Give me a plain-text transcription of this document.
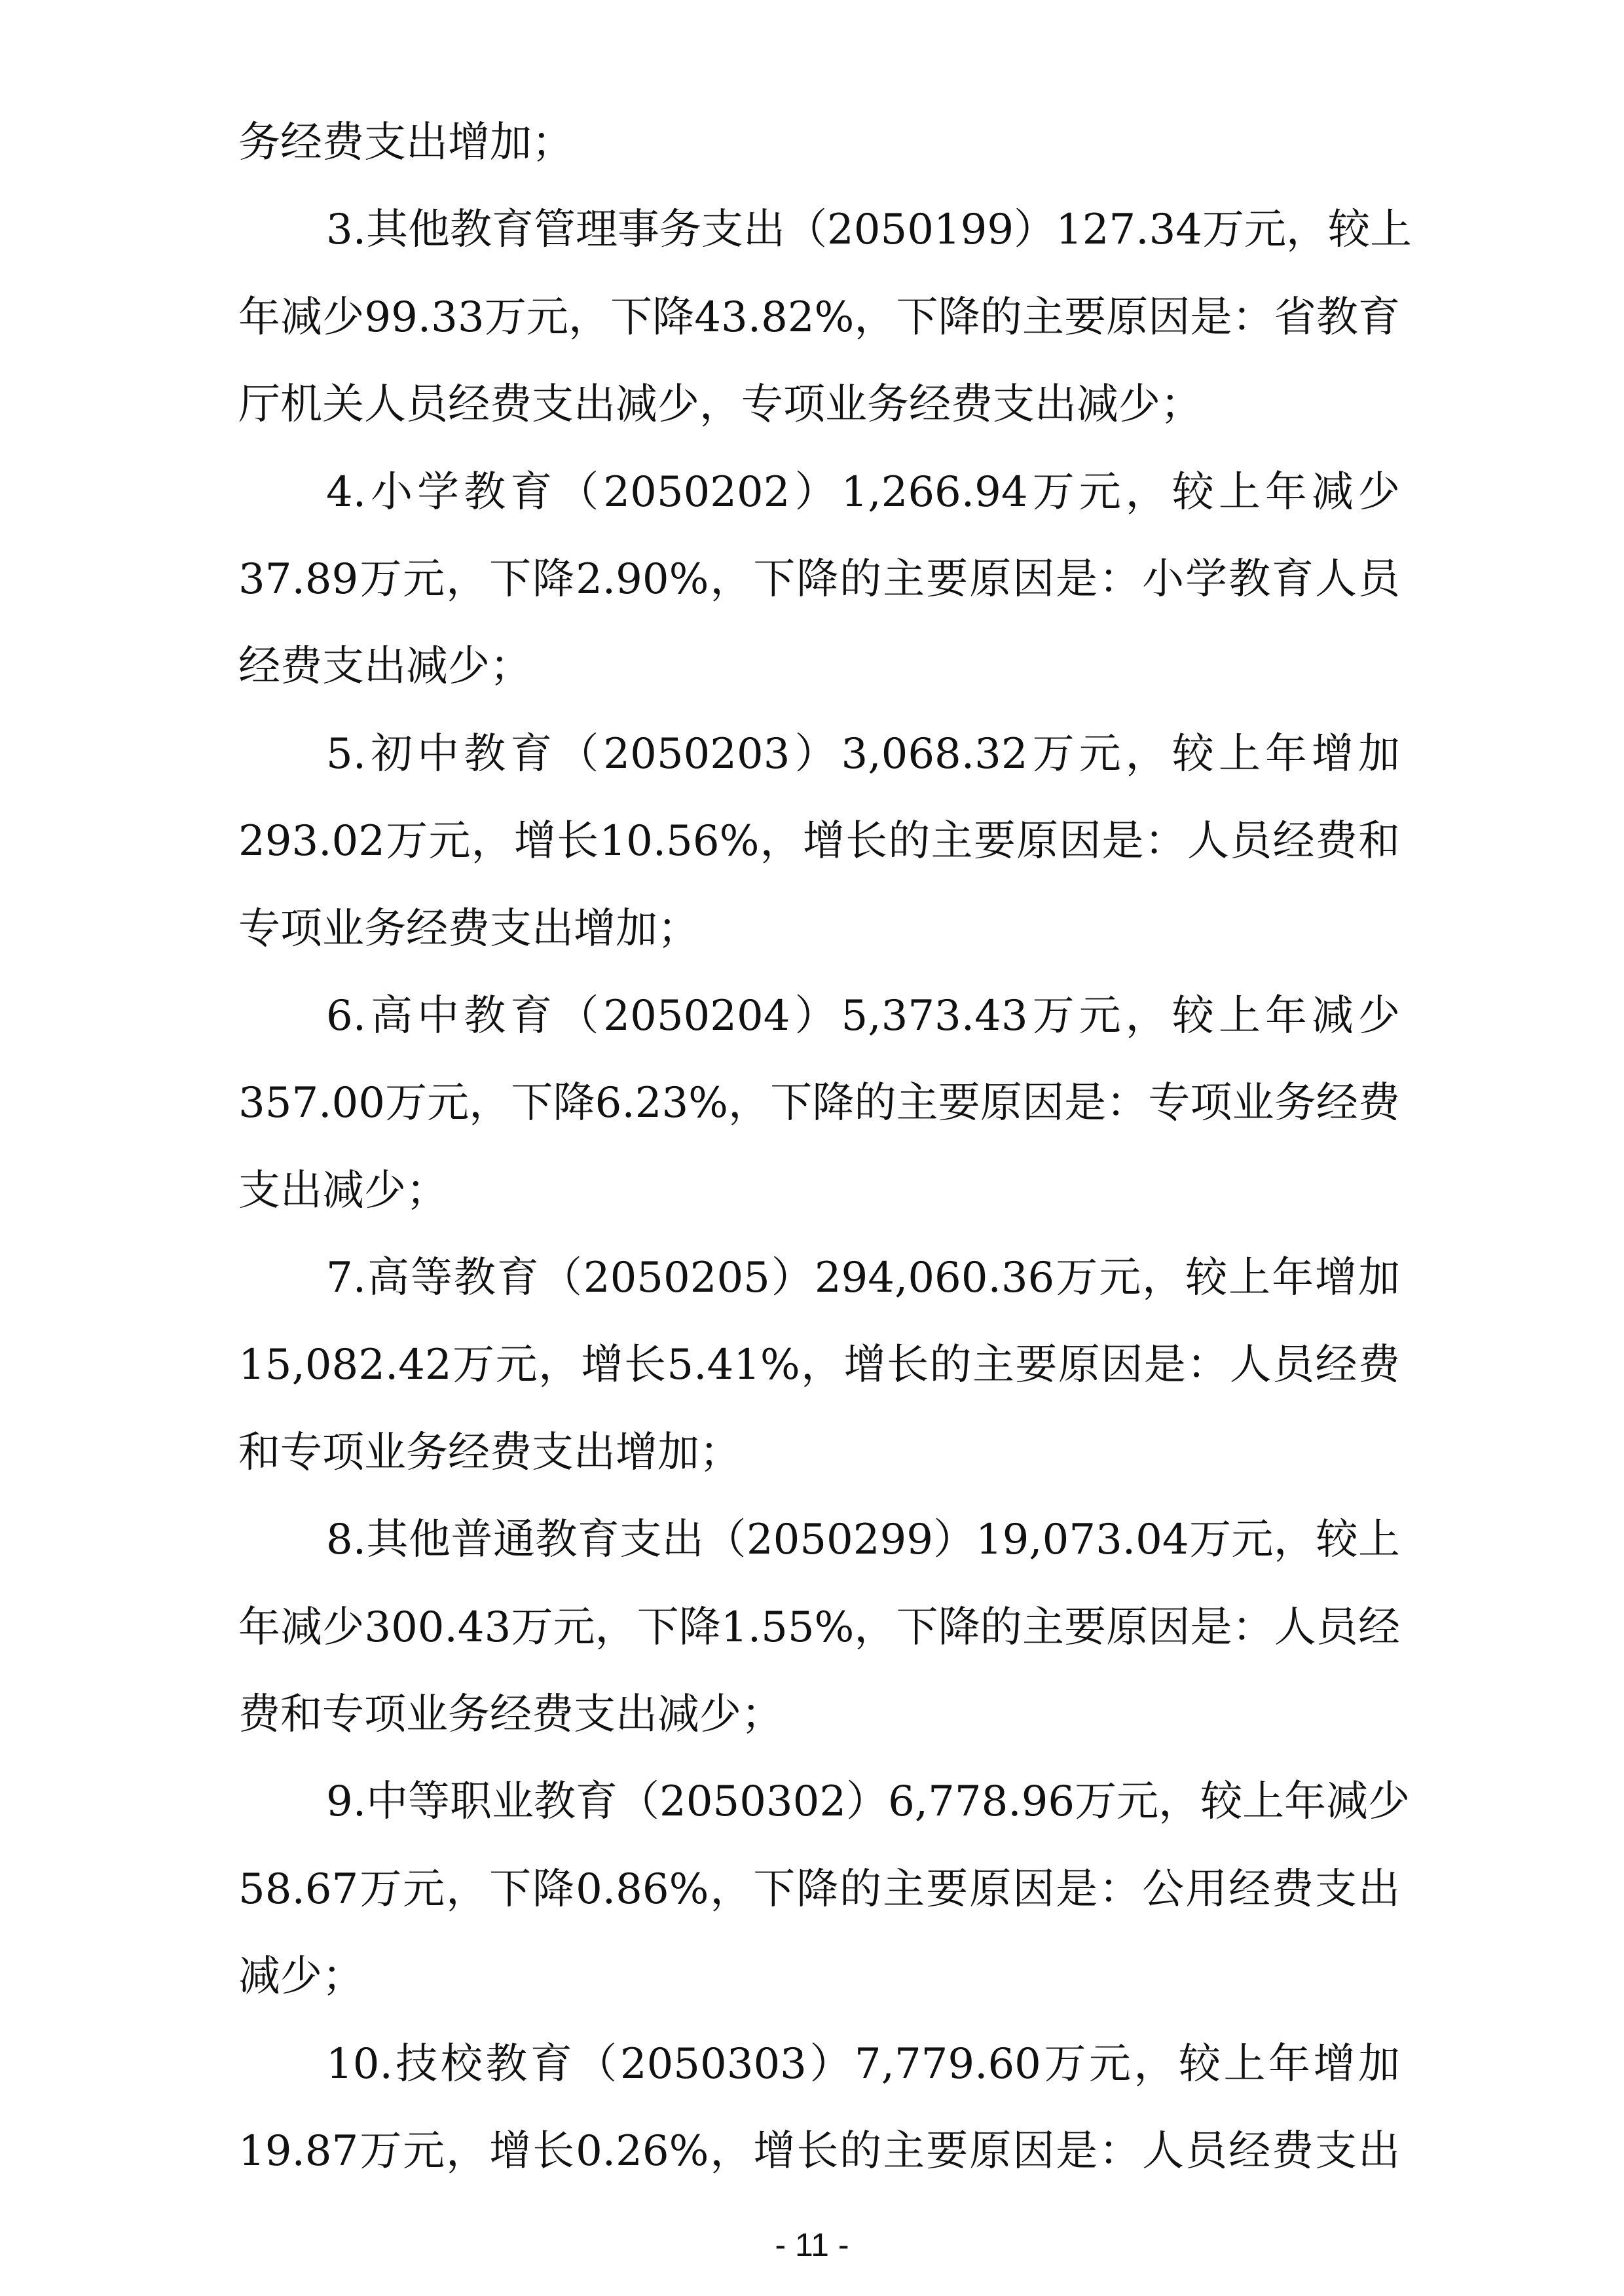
务经费支出增加；
3.其他教育管理事务支出（2050199）127.34万元，较上
年减少99.33万元，下降43.82%，下降的主要原因是：省教育
厅机关人员经费支出减少，专项业务经费支出减少；
4.小学教育（2050202）1,266.94万元，较上年减少
37.89万元，下降2.90%，下降的主要原因是：小学教育人员
经费支出减少；
5.初中教育（2050203）3,068.32万元，较上年增加
293.02万元，增长10.56%，增长的主要原因是：人员经费和
专项业务经费支出增加；
6.高中教育（2050204）5,373.43万元，较上年减少
357.00万元，下降6.23%，下降的主要原因是：专项业务经费
支出减少；
7.高等教育（2050205）294,060.36万元，较上年增加
15,082.42万元，增长5.41%，增长的主要原因是：人员经费
和专项业务经费支出增加；
8.其他普通教育支出（2050299）19,073.04万元，较上
年减少300.43万元，下降1.55%，下降的主要原因是：人员经
费和专项业务经费支出减少；
9.中等职业教育（2050302）6,778.96万元，较上年减少
58.67万元，下降0.86%，下降的主要原因是：公用经费支出
减少；
10.技校教育（2050303）7,779.60万元，较上年增加
19.87万元，增长0.26%，增长的主要原因是：人员经费支出
- 11 -
